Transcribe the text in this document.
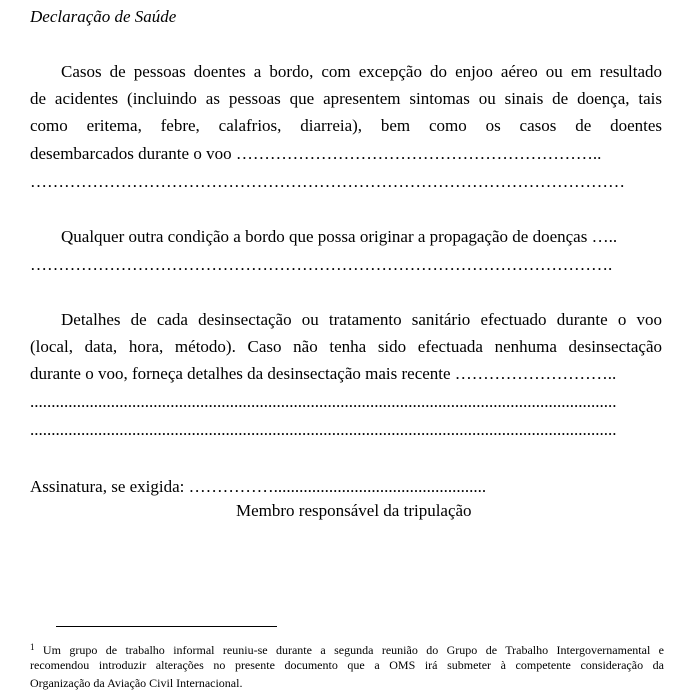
Declaração de Saúde
Casos de pessoas doentes a bordo, com excepção do enjoo aéreo ou em resultado
de acidentes (incluindo as pessoas que apresentem sintomas ou sinais de doença, tais
como eritema, febre, calafrios, diarreia), bem como os casos de doentes
desembarcados durante o voo ………………………………………………………..
……………………………………………………………………………………………
Qualquer outra condição a bordo que possa originar a propagação de doenças …..
………………………………………………………………………………………….
Detalhes de cada desinsectação ou tratamento sanitário efectuado durante o voo
(local, data, hora, método). Caso não tenha sido efectuada nenhuma desinsectação
durante o voo, forneça detalhes da desinsectação mais recente ………………………..
..........................................................................................................................................
..........................................................................................................................................
Assinatura, se exigida: ……………..................................................
Membro responsável da tripulação
$^1$ Um grupo de trabalho informal reuniu-se durante a segunda reunião do Grupo de Trabalho Intergovernamental e
recomendou introduzir alterações no presente documento que a OMS irá submeter à competente consideração da
Organização da Aviação Civil Internacional.
